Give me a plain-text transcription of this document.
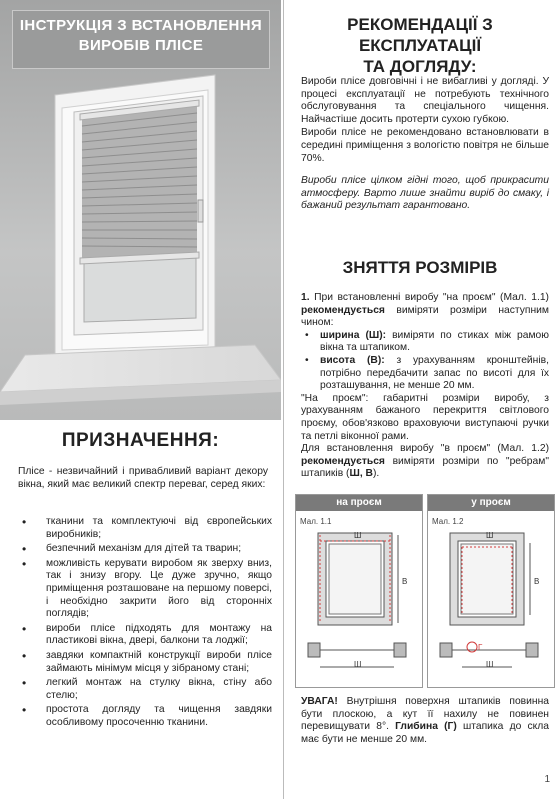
ІНСТРУКЦІЯ З ВСТАНОВЛЕННЯ
ВИРОБІВ ПЛІСЕ
ПРИЗНАЧЕННЯ:
Пліcе - незвичайний і привабливий варіант декору вікна, який має великий спектр переваг, серед яких:
• тканини та комплектуючі від європейських виробників;
• безпечний механізм для дітей та тварин;
• можливість керувати виробом як зверху вниз, так і знизу вгору. Це дуже зручно, якщо приміщення розташоване на першому поверсі, і необхідно закрити його від сторонніх поглядів;
• вироби пліcе підходять для монтажу на пластикові вікна, двері, балкони та лоджії;
• завдяки компактній конструкції вироби пліcе займають мінімум місця у зібраному стані;
• легкий монтаж на стулку вікна, стіну або стелю;
• простота догляду та чищення завдяки особливому просоченню тканини.
РЕКОМЕНДАЦІЇ З ЕКСПЛУАТАЦІЇ
ТА ДОГЛЯДУ:

Вироби пліcе довговічні і не вибагливі у догляді. У процесі експлуатації не потребують технічного обслуговування та спеціального чищення. Найчастіше досить протерти сухою губкою.

Вироби пліcе не рекомендовано встановлювати в середині приміщення з вологістю повітря не більше 70%.

Вироби пліcе цілком гідні того, щоб прикрасити атмосферу. Варто лише знайти виріб до смаку, і бажаний результат гарантовано.

ЗНЯТТЯ РОЗМІРІВ

1. При встановленні виробу "на проєм" (Мал. 1.1) рекомендується виміряти розміри наступним чином:

• ширина (Ш): виміряти по стиках між рамою вікна та штапиком.
• висота (В): з урахуванням кронштейнів, потрібно передбачити запас по висоті для їх розташування, не менше 20 мм.

"На проєм": габаритні розміри виробу, з урахуванням бажаного перекриття світлового проєму, обов'язково враховуючи виступаючі ручки та петлі віконної рами.

Для встановлення виробу "в проєм" (Мал. 1.2) рекомендується виміряти розміри по "ребрам" штапиків (Ш, В).

на проєм
Мал. 1.1
Ш
В
Ш
у проєм
Мал. 1.2
Ш
В
Г
Ш

УВАГА! Внутрішня поверхня штапиків повинна бути плоскою, а кут її нахилу не повинен перевищувати 8°. Глибина (Г) штапика до скла має бути не менше 20 мм.

1
